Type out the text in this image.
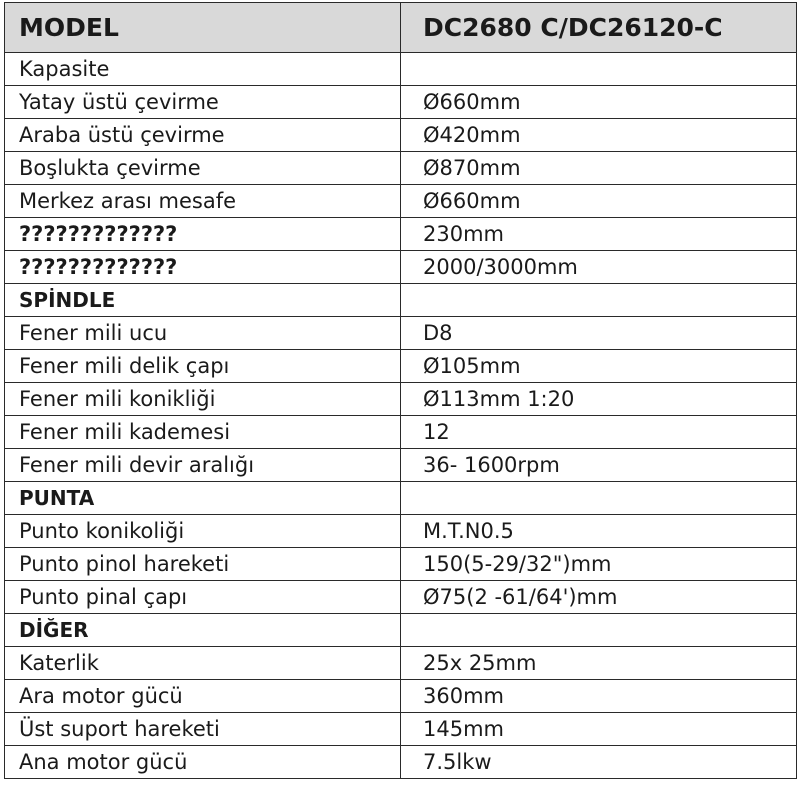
MODEL	DC2680 C/DC26120-C
Kapasite	
Yatay üstü çevirme	Ø660mm
Araba üstü çevirme	Ø420mm
Boşlukta çevirme	Ø870mm
Merkez arası mesafe	Ø660mm
?????????????	230mm
?????????????	2000/3000mm
SPİNDLE	
Fener mili ucu	D8
Fener mili delik çapı	Ø105mm
Fener mili konikliği	Ø113mm 1:20
Fener mili kademesi	12
Fener mili devir aralığı	36- 1600rpm
PUNTA	
Punto konikoliği	M.T.N0.5
Punto pinol hareketi	150(5-29/32")mm
Punto pinal çapı	Ø75(2 -61/64')mm
DİĞER	
Katerlik	25x 25mm
Ara motor gücü	360mm
Üst suport hareketi	145mm
Ana motor gücü	7.5lkw
